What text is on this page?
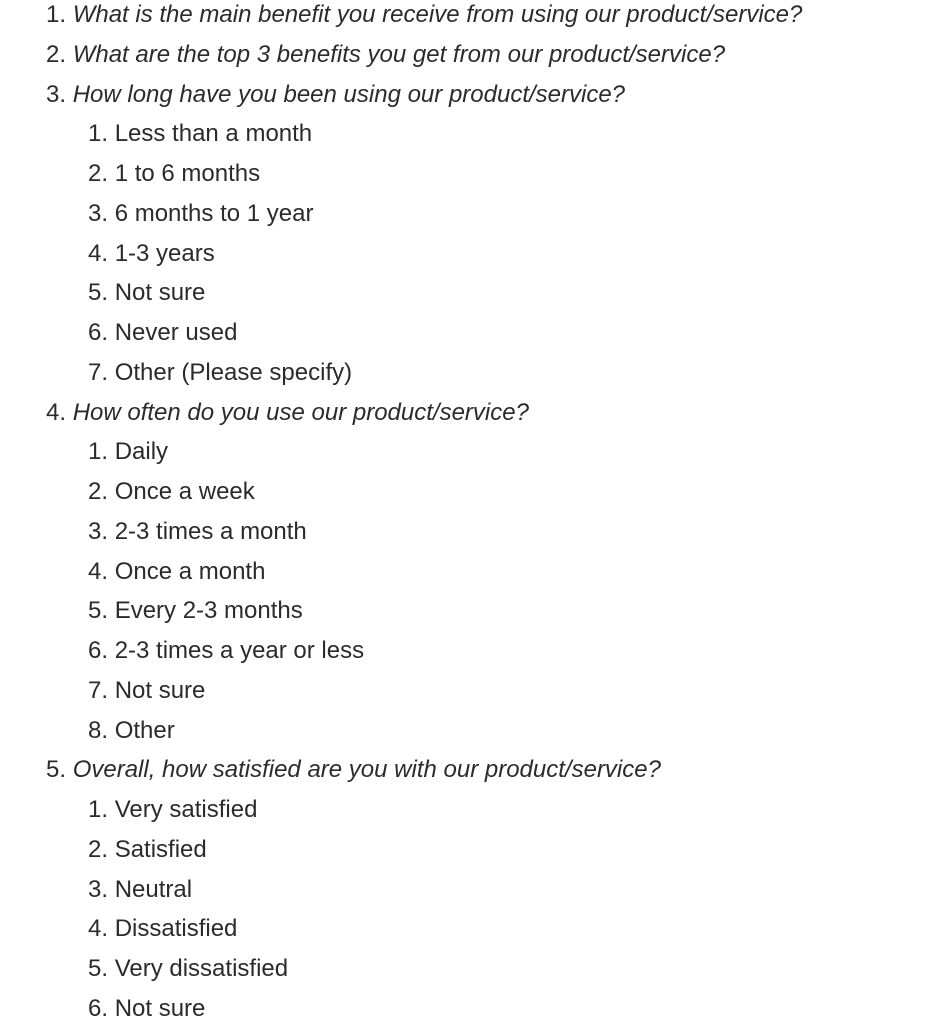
1. What is the main benefit you receive from using our product/service?
2. What are the top 3 benefits you get from our product/service?
3. How long have you been using our product/service?
1. Less than a month
2. 1 to 6 months
3. 6 months to 1 year
4. 1-3 years
5. Not sure
6. Never used
7. Other (Please specify)
4. How often do you use our product/service?
1. Daily
2. Once a week
3. 2-3 times a month
4. Once a month
5. Every 2-3 months
6. 2-3 times a year or less
7. Not sure
8. Other
5. Overall, how satisfied are you with our product/service?
1. Very satisfied
2. Satisfied
3. Neutral
4. Dissatisfied
5. Very dissatisfied
6. Not sure
